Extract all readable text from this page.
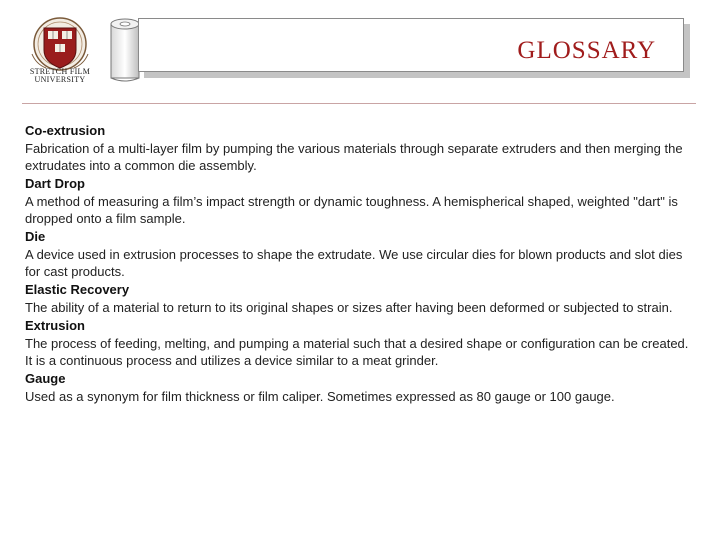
STRETCH FILM
UNIVERSITY
glossary

Co-extrusion

Fabrication of a multi-layer film by pumping the various materials through separate extruders and then merging the extrudates into a common die assembly.

Dart Drop

A method of measuring a film’s impact strength or dynamic toughness. A hemispherical shaped, weighted "dart" is dropped onto a film sample.

Die

A device used in extrusion processes to shape the extrudate. We use circular dies for blown products and slot dies for cast products.

Elastic Recovery

The ability of a material to return to its original shapes or sizes after having been deformed or subjected to strain.

Extrusion

The process of feeding, melting, and pumping a material such that a desired shape or configuration can be created. It is a continuous process and utilizes a device similar to a meat grinder.

Gauge

Used as a synonym for film thickness or film caliper. Sometimes expressed as 80 gauge or 100 gauge.
